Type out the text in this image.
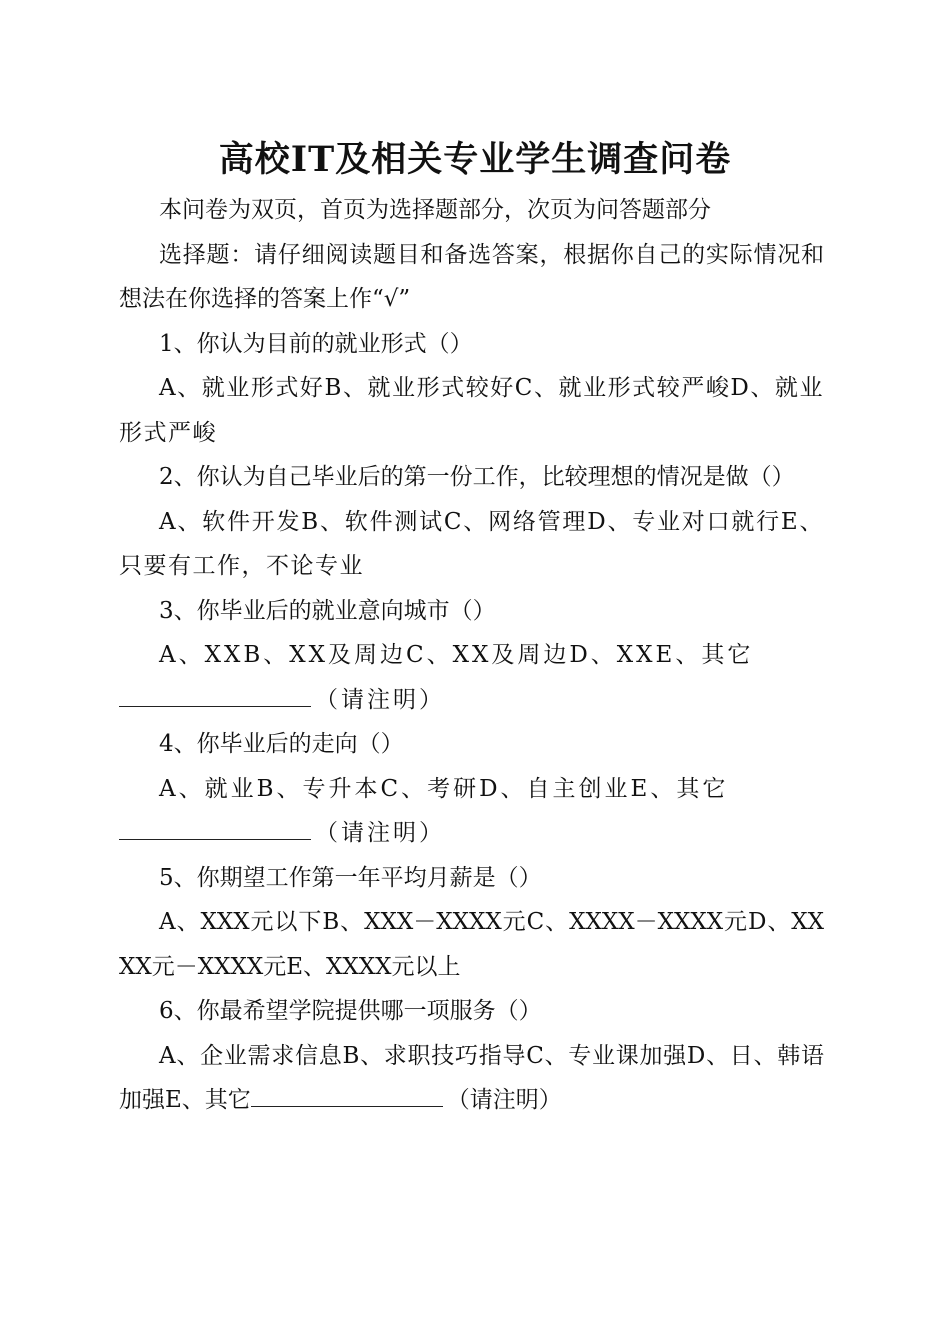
高校IT及相关专业学生调查问卷

本问卷为双页，首页为选择题部分，次页为问答题部分

选择题：请仔细阅读题目和备选答案，根据你自己的实际情况和想法在你选择的答案上作“√”

1、你认为目前的就业形式（）

A、就业形式好B、就业形式较好C、就业形式较严峻D、就业形式严峻

2、你认为自己毕业后的第一份工作，比较理想的情况是做（）

A、软件开发B、软件测试C、网络管理D、专业对口就行E、只要有工作，不论专业

3、你毕业后的就业意向城市（）

A、XXB、XX及周边C、XX及周边D、XXE、其它
（请注明）

4、你毕业后的走向（）

A、就业B、专升本C、考研D、自主创业E、其它
（请注明）

5、你期望工作第一年平均月薪是（）

A、XXX元以下B、XXX－XXXX元C、XXXX－XXXX元D、XXXX元－XXXX元E、XXXX元以上

6、你最希望学院提供哪一项服务（）

A、企业需求信息B、求职技巧指导C、专业课加强D、日、韩语加强E、其它	（请注明）
